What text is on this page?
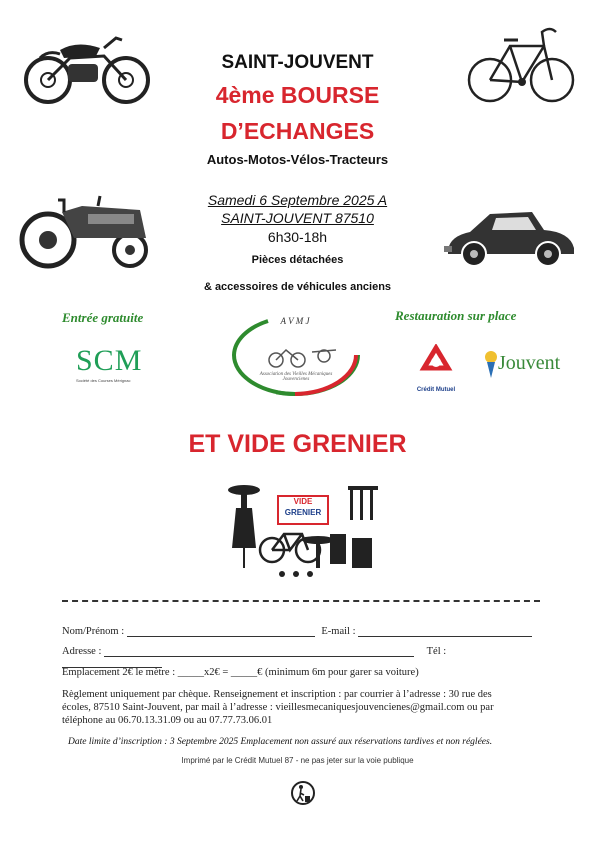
SAINT-JOUVENT
4ème BOURSE
D’ECHANGES
Autos-Motos-Vélos-Tracteurs
Samedi 6 Septembre 2025 A
SAINT-JOUVENT 87510
6h30-18h
Pièces détachées
& accessoires de véhicules anciens
Entrée gratuite	Restauration sur place
SCM
Société des Courses Mérignac
A V M J
Association des Vieilles Mécaniques Jouvencienes
Crédit Mutuel
Jouvent
ET VIDE GRENIER
VIDE
GRENIER
Nom/Prénom :	E-mail :
Adresse :	Tél :
Emplacement 2€ le mètre : _____x2€ = _____€ (minimum 6m pour garer sa voiture)
Règlement uniquement par chèque. Renseignement et inscription : par courrier à l’adresse : 30 rue des
écoles, 87510 Saint-Jouvent, par mail à l’adresse : vieillesmecaniquesjouvencienes@gmail.com ou par
téléphone au 06.70.13.31.09 ou au 07.77.73.06.01
Date limite d’inscription : 3 Septembre 2025 Emplacement non assuré aux réservations tardives et non réglées.
Imprimé par le Crédit Mutuel 87 - ne pas jeter sur la voie publique
